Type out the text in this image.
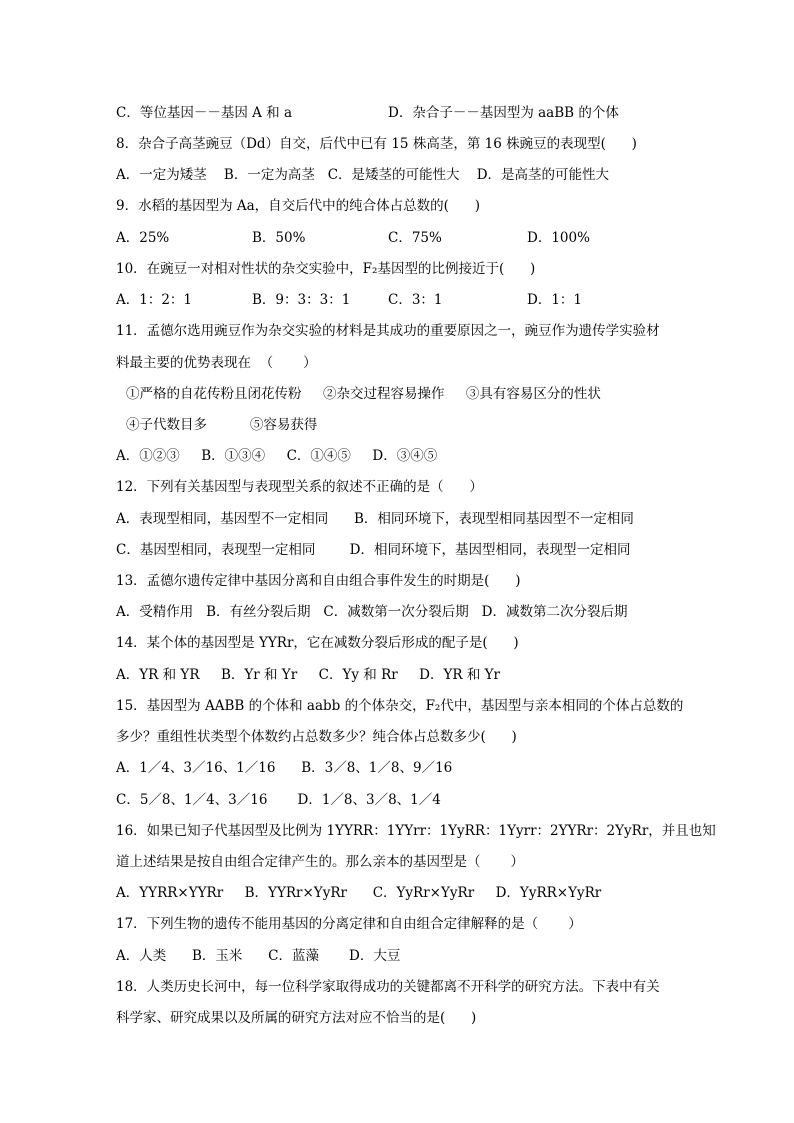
C．等位基因－－基因 A 和 a	D．杂合子－－基因型为 aaBB 的个体
8．杂合子高茎豌豆（Dd）自交，后代中已有 15 株高茎，第 16 株豌豆的表现型(      )
A．一定为矮茎    B．一定为高茎   C．是矮茎的可能性大    D．是高茎的可能性大
9．水稻的基因型为 Aa，自交后代中的纯合体占总数的(      )
A．25%	B．50%	C．75%	D．100%
10．在豌豆一对相对性状的杂交实验中，F₂基因型的比例接近于(      )
A．1：2：1	B．9：3：3：1	C．3：1	D．1：1
11．孟德尔选用豌豆作为杂交实验的材料是其成功的重要原因之一，豌豆作为遗传学实验材
料最主要的优势表现在  （       ）
①严格的自花传粉且闭花传粉     ②杂交过程容易操作     ③具有容易区分的性状
④子代数目多          ⑤容易获得
A．①②③     B．①③④     C．①④⑤     D．③④⑤
12．下列有关基因型与表现型关系的叙述不正确的是（      ）
A．表现型相同，基因型不一定相同      B．相同环境下，表现型相同基因型不一定相同
C．基因型相同，表现型一定相同        D．相同环境下，基因型相同，表现型一定相同
13．孟德尔遗传定律中基因分离和自由组合事件发生的时期是(      )
A．受精作用   B．有丝分裂后期   C．减数第一次分裂后期   D．减数第二次分裂后期
14．某个体的基因型是 YYRr，它在减数分裂后形成的配子是(      )
A．YR 和 YR     B．Yr 和 Yr     C．Yy 和 Rr     D．YR 和 Yr
15．基因型为 AABB 的个体和 aabb 的个体杂交，F₂代中，基因型与亲本相同的个体占总数的
多少？重组性状类型个体数约占总数多少？纯合体占总数多少(      )
A．1／4、3／16、1／16      B．3／8、1／8、9／16
C．5／8、1／4、3／16       D．1／8、3／8、1／4
16．如果已知子代基因型及比例为 1YYRR：1YYrr：1YyRR：1Yyrr：2YYRr：2YyRr，并且也知
道上述结果是按自由组合定律产生的。那么亲本的基因型是（       ）
A．YYRR×YYRr     B．YYRr×YyRr      C．YyRr×YyRr     D．YyRR×YyRr
17．下列生物的遗传不能用基因的分离定律和自由组合定律解释的是（       ）
A．人类      B．玉米      C．蓝藻       D．大豆
18．人类历史长河中，每一位科学家取得成功的关键都离不开科学的研究方法。下表中有关
科学家、研究成果以及所属的研究方法对应不恰当的是(      )
